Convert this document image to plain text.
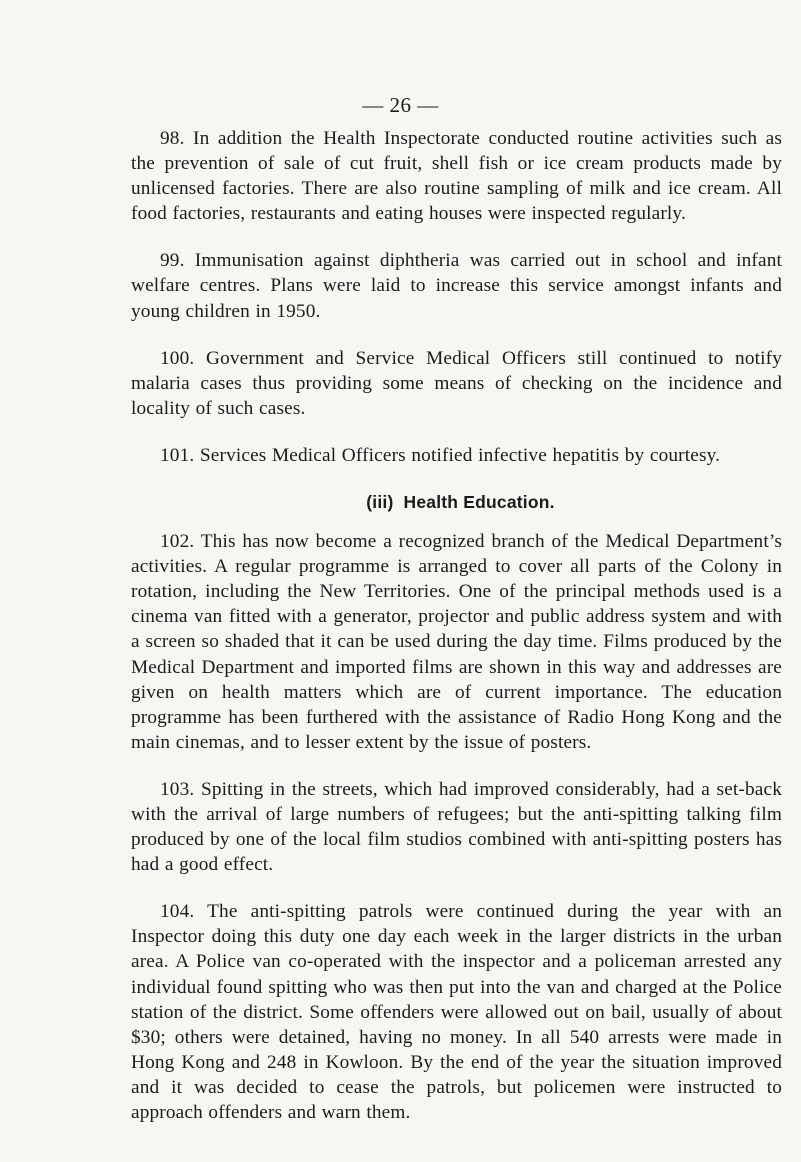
— 26 —

98. In addition the Health Inspectorate conducted routine activities such as the prevention of sale of cut fruit, shell fish or ice cream products made by unlicensed factories. There are also routine sampling of milk and ice cream. All food factories, restaurants and eating houses were inspected regularly.

99. Immunisation against diphtheria was carried out in school and infant welfare centres. Plans were laid to increase this service amongst infants and young children in 1950.

100. Government and Service Medical Officers still continued to notify malaria cases thus providing some means of checking on the incidence and locality of such cases.

101. Services Medical Officers notified infective hepatitis by courtesy.

(iii) Health Education.

102. This has now become a recognized branch of the Medical Department’s activities. A regular programme is arranged to cover all parts of the Colony in rotation, including the New Territories. One of the principal methods used is a cinema van fitted with a generator, projector and public address system and with a screen so shaded that it can be used during the day time. Films produced by the Medical Department and imported films are shown in this way and addresses are given on health matters which are of current importance. The education programme has been furthered with the assistance of Radio Hong Kong and the main cinemas, and to lesser extent by the issue of posters.

103. Spitting in the streets, which had improved considerably, had a set-back with the arrival of large numbers of refugees; but the anti-spitting talking film produced by one of the local film studios combined with anti-spitting posters has had a good effect.

104. The anti-spitting patrols were continued during the year with an Inspector doing this duty one day each week in the larger districts in the urban area. A Police van co-operated with the inspector and a policeman arrested any individual found spitting who was then put into the van and charged at the Police station of the district. Some offenders were allowed out on bail, usually of about $30; others were detained, having no money. In all 540 arrests were made in Hong Kong and 248 in Kowloon. By the end of the year the situation improved and it was decided to cease the patrols, but policemen were instructed to approach offenders and warn them.
